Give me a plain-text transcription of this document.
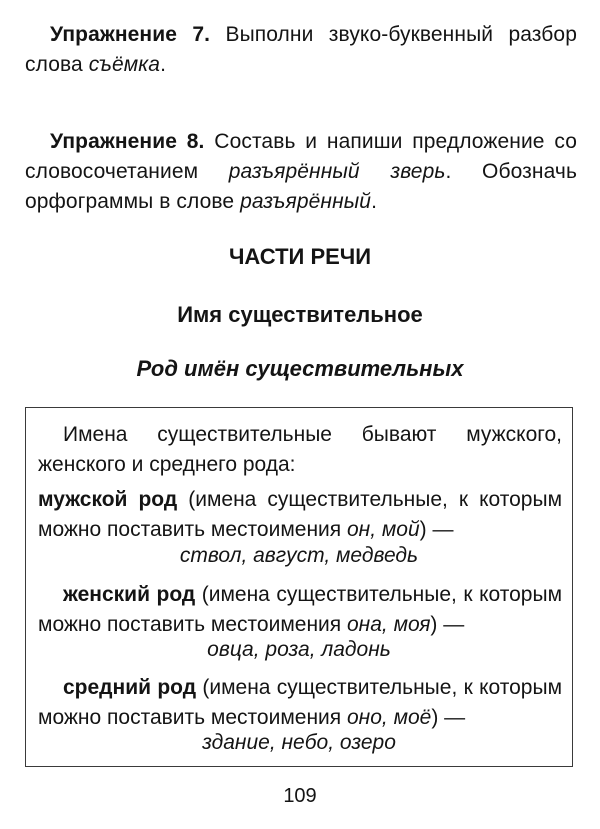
Упражнение 7. Выполни звуко-буквенный разбор слова съёмка.
Упражнение 8. Составь и напиши предложение со словосочетанием разъярённый зверь. Обозначь орфограммы в слове разъярённый.
ЧАСТИ РЕЧИ
Имя существительное
Род имён существительных
Имена существительные бывают мужского, женского и среднего рода:
мужской род (имена существительные, к которым можно поставить местоимения он, мой) —
ствол, август, медведь
женский род (имена существительные, к которым можно поставить местоимения она, моя) —
овца, роза, ладонь
средний род (имена существительные, к которым можно поставить местоимения оно, моё) —
здание, небо, озеро
109
